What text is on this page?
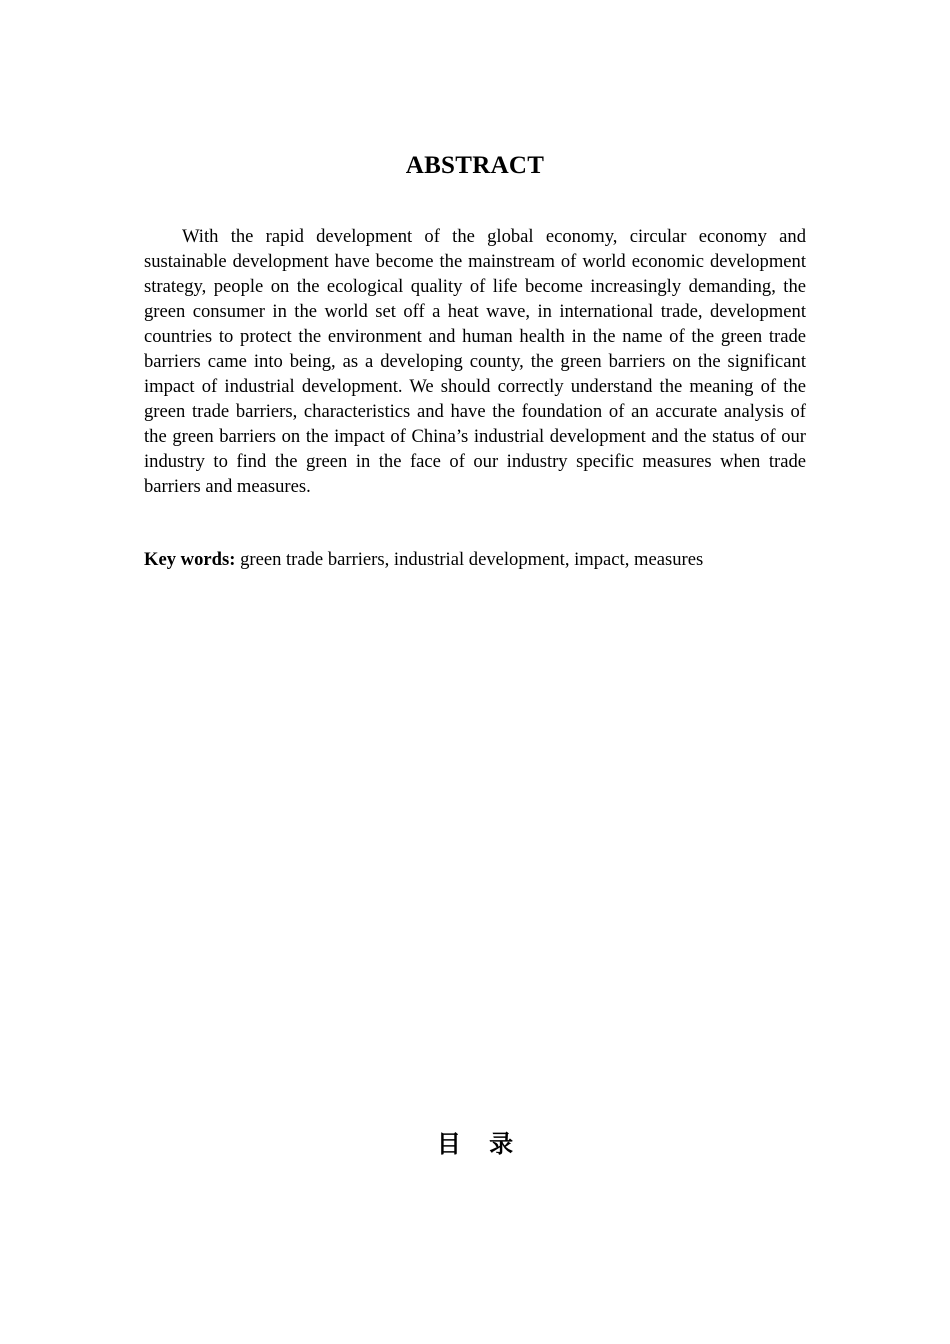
ABSTRACT

With the rapid development of the global economy, circular economy and sustainable development have become the mainstream of world economic development strategy, people on the ecological quality of life become increasingly demanding, the green consumer in the world set off a heat wave, in international trade, development countries to protect the environment and human health in the name of the green trade barriers came into being, as a developing county, the green barriers on the significant impact of industrial development. We should correctly understand the meaning of the green trade barriers, characteristics and have the foundation of an accurate analysis of the green barriers on the impact of China’s industrial development and the status of our industry to find the green in the face of our industry specific measures when trade barriers and measures.

Key words: green trade barriers, industrial development, impact, measures

目 录
